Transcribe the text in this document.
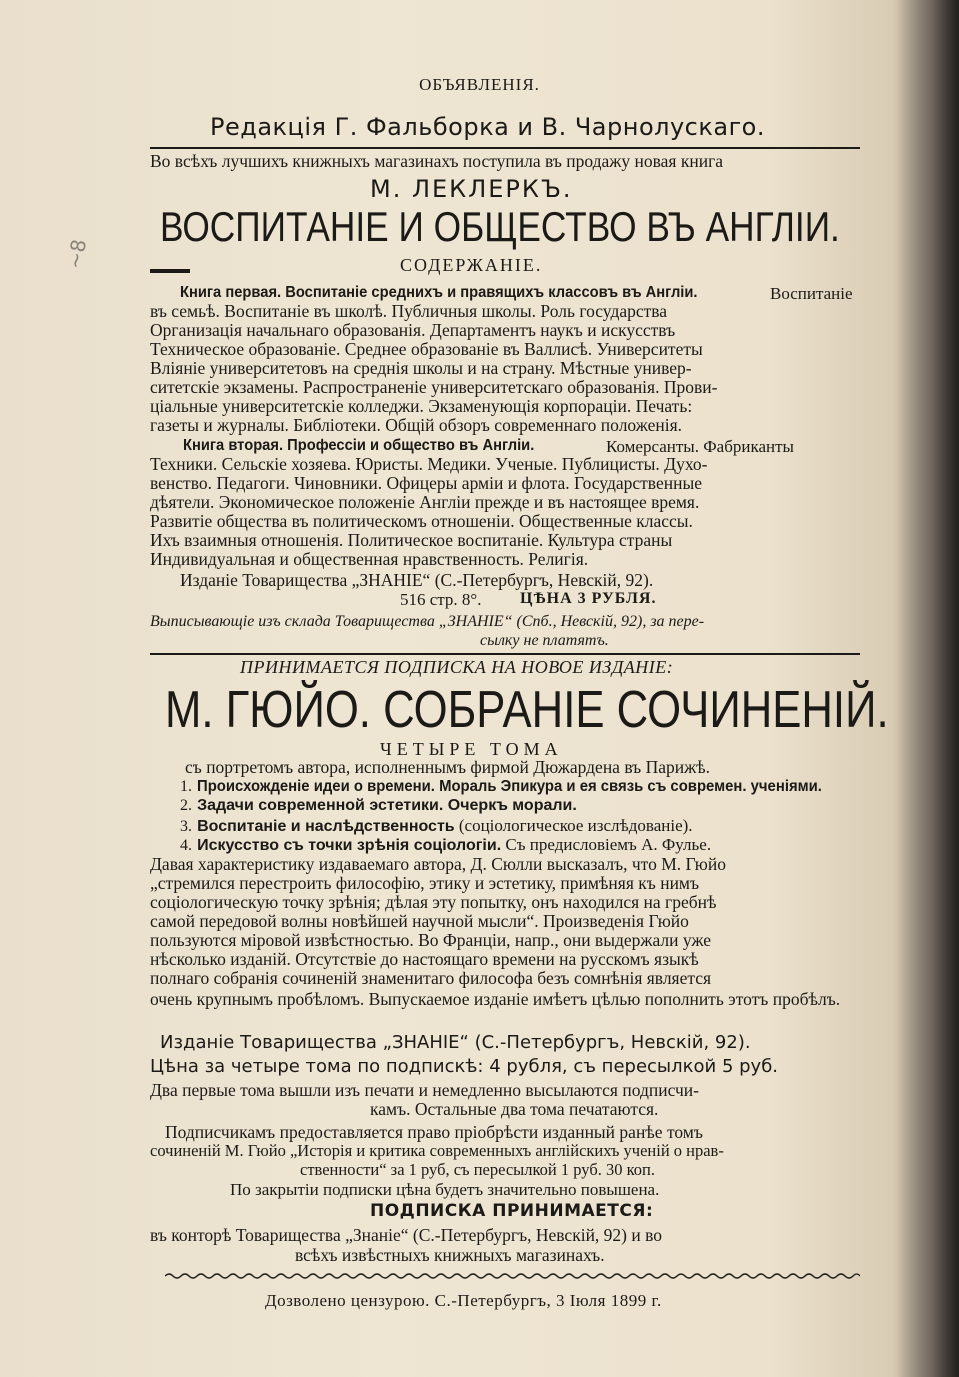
~8
ОБЪЯВЛЕНIЯ.
Редакція Г. Фальборка и В. Чарнолускаго.
Во всѣхъ лучшихъ книжныхъ магазинахъ поступила въ продажу новая книга
М. ЛЕКЛЕРКЪ.
ВОСПИТАНІЕ И ОБЩЕСТВО ВЪ АНГЛІИ.
СОДЕРЖАНІЕ.
Книга первая. Воспитаніе среднихъ и правящихъ классовъ въ Англіи.	Воспитаніе
въ семьѣ. Воспитаніе въ школѣ. Публичныя школы. Роль государства
Организація начальнаго образованія. Департаментъ наукъ и искусствъ
Техническое образованіе. Среднее образованіе въ Валлисѣ. Университеты
Вліяніе университетовъ на среднія школы и на страну. Мѣстные универ-
ситетскіе экзамены. Распространеніе университетскаго образованія. Прови-
ціальные университетскіе колледжи. Экзаменующія корпораціи. Печать:
газеты и журналы. Библіотеки. Общій обзоръ современнаго положенія.
Книга вторая. Профессіи и общество въ Англіи.	Комерсанты. Фабриканты
Техники. Сельскіе хозяева. Юристы. Медики. Ученые. Публицисты. Духо-
венство. Педагоги. Чиновники. Офицеры арміи и флота. Государственные
дѣятели. Экономическое положеніе Англіи прежде и въ настоящее время.
Развитіе общества въ политическомъ отношеніи. Общественные классы.
Ихъ взаимныя отношенія. Политическое воспитаніе. Культура страны
Индивидуальная и общественная нравственность. Религія.
Изданіе Товарищества „ЗНАНІЕ“ (С.-Петербургъ, Невскій, 92).
516 стр. 8°. ЦѢНА 3 РУБЛЯ.
Выписывающіе изъ склада Товарищества „ЗНАНІЕ“ (Спб., Невскій, 92), за пере-
сылку не платятъ.
ПРИНИМАЕТСЯ ПОДПИСКА НА НОВОЕ ИЗДАНІЕ:
М. ГЮЙО. СОБРАНІЕ СОЧИНЕНІЙ.
ЧЕТЫРЕ ТОМА
съ портретомъ автора, исполненнымъ фирмой Дюжардена въ Парижѣ.
1. Происхожденіе идеи о времени. Мораль Эпикура и ея связь съ современ. ученіями.
2. Задачи современной эстетики. Очеркъ морали.
3. Воспитаніе и наслѣдственность (соціологическое изслѣдованіе).
4. Искусство съ точки зрѣнія соціологіи. Съ предисловіемъ А. Фулье.
Давая характеристику издаваемаго автора, Д. Сюлли высказалъ, что М. Гюйо
„стремился перестроить философію, этику и эстетику, примѣняя къ нимъ
соціологическую точку зрѣнія; дѣлая эту попытку, онъ находился на гребнѣ
самой передовой волны новѣйшей научной мысли“. Произведенія Гюйо
пользуются міровой извѣстностью. Во Франціи, напр., они выдержали уже
нѣсколько изданій. Отсутствіе до настоящаго времени на русскомъ языкѣ
полнаго собранія сочиненій знаменитаго философа безъ сомнѣнія является
очень крупнымъ пробѣломъ. Выпускаемое изданіе имѣетъ цѣлью пополнить этотъ пробѣлъ.
Изданіе Товарищества „ЗНАНІЕ“ (С.-Петербургъ, Невскій, 92).
Цѣна за четыре тома по подпискѣ: 4 рубля, съ пересылкой 5 руб.
Два первые тома вышли изъ печати и немедленно высылаются подписчи-
камъ. Остальные два тома печатаются.
Подписчикамъ предоставляется право пріобрѣсти изданный ранѣе томъ
сочиненій М. Гюйо „Исторія и критика современныхъ англійскихъ ученій о нрав-
ственности“ за 1 руб, съ пересылкой 1 руб. 30 коп.
По закрытіи подписки цѣна будетъ значительно повышена.
ПОДПИСКА ПРИНИМАЕТСЯ:
въ конторѣ Товарищества „Знаніе“ (С.-Петербургъ, Невскій, 92) и во
всѣхъ извѣстныхъ книжныхъ магазинахъ.
Дозволено цензурою. С.-Петербургъ, 3 Іюля 1899 г.
